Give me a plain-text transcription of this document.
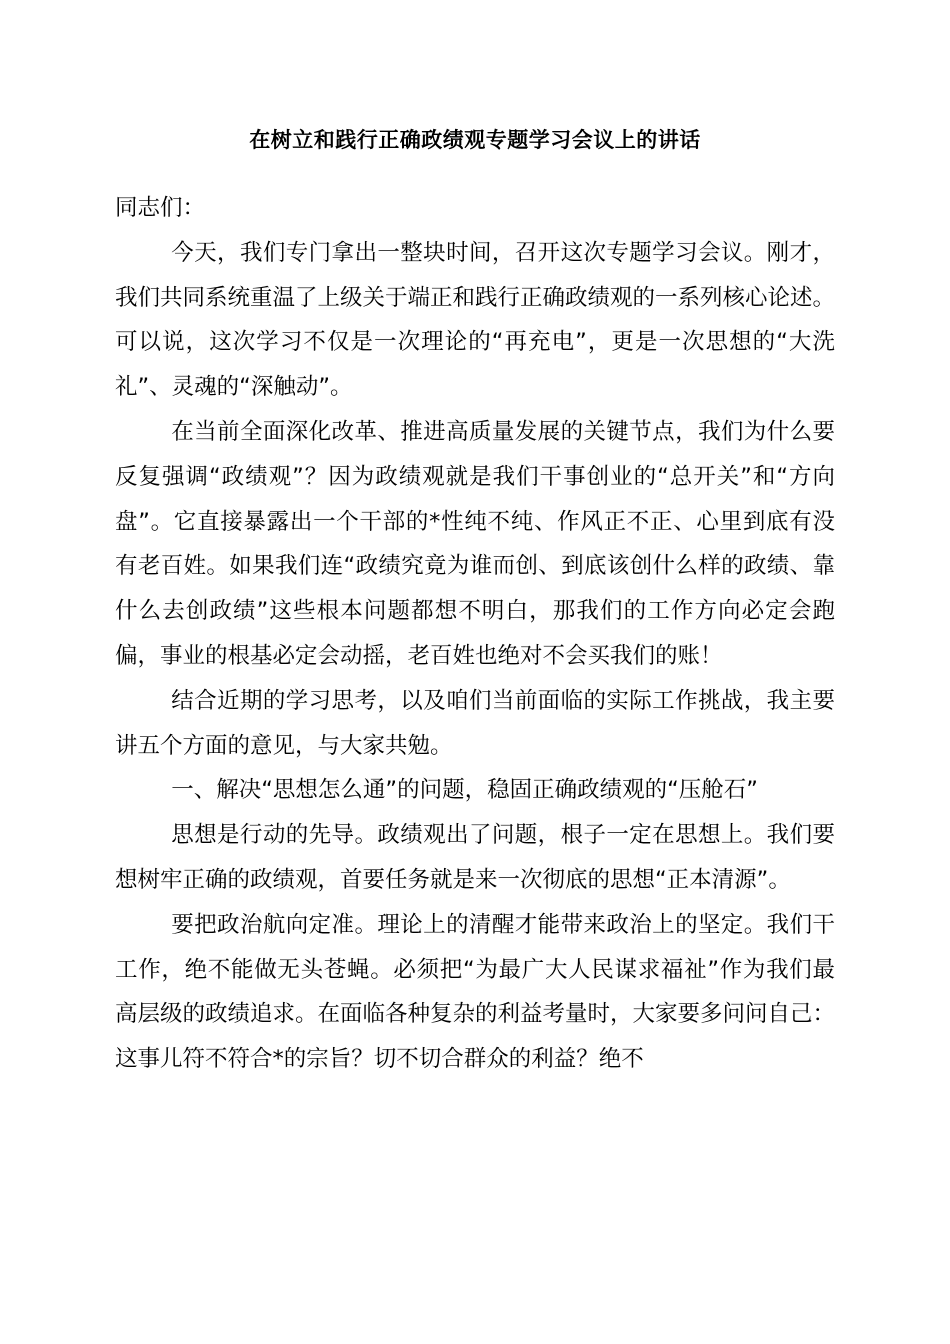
在树立和践行正确政绩观专题学习会议上的讲话

同志们：

今天，我们专门拿出一整块时间，召开这次专题学习会议。刚才，我们共同系统重温了上级关于端正和践行正确政绩观的一系列核心论述。可以说，这次学习不仅是一次理论的“再充电”，更是一次思想的“大洗礼”、灵魂的“深触动”。

在当前全面深化改革、推进高质量发展的关键节点，我们为什么要反复强调“政绩观”？因为政绩观就是我们干事创业的“总开关”和“方向盘”。它直接暴露出一个干部的*性纯不纯、作风正不正、心里到底有没有老百姓。如果我们连“政绩究竟为谁而创、到底该创什么样的政绩、靠什么去创政绩”这些根本问题都想不明白，那我们的工作方向必定会跑偏，事业的根基必定会动摇，老百姓也绝对不会买我们的账！

结合近期的学习思考，以及咱们当前面临的实际工作挑战，我主要讲五个方面的意见，与大家共勉。

一、解决“思想怎么通”的问题，稳固正确政绩观的“压舱石”

思想是行动的先导。政绩观出了问题，根子一定在思想上。我们要想树牢正确的政绩观，首要任务就是来一次彻底的思想“正本清源”。

要把政治航向定准。理论上的清醒才能带来政治上的坚定。我们干工作，绝不能做无头苍蝇。必须把“为最广大人民谋求福祉”作为我们最高层级的政绩追求。在面临各种复杂的利益考量时，大家要多问问自己：这事儿符不符合*的宗旨？切不切合群众的利益？绝不
